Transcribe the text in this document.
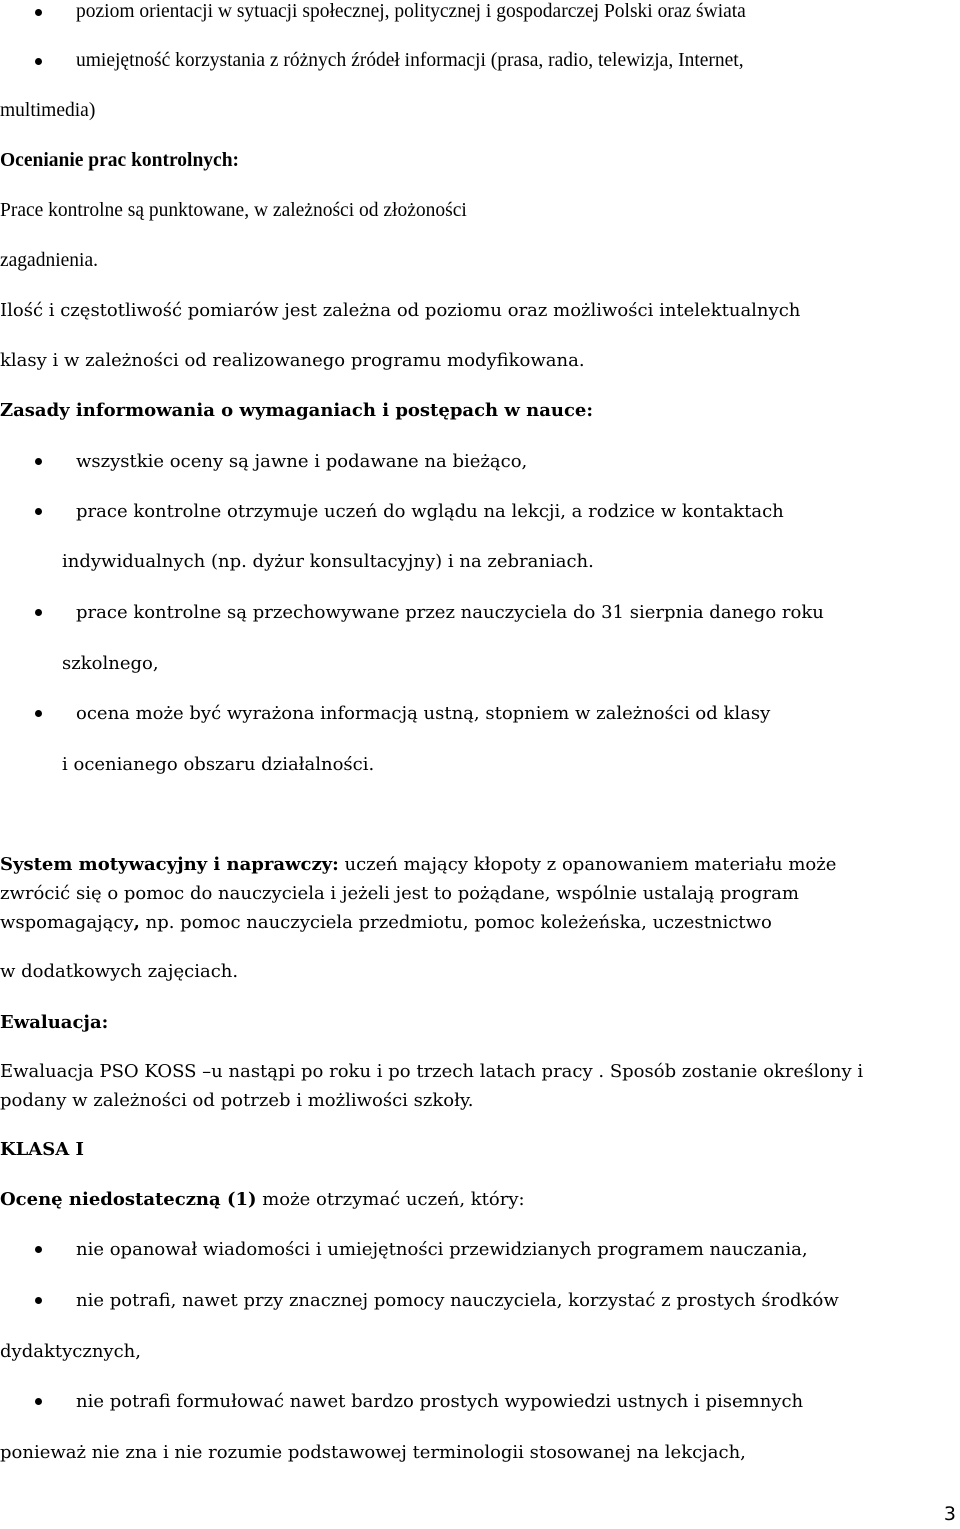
poziom orientacji w sytuacji społecznej, politycznej i gospodarczej Polski oraz świata
umiejętność korzystania z różnych źródeł informacji (prasa, radio, telewizja, Internet,
multimedia)
Ocenianie prac kontrolnych:
Prace kontrolne są punktowane, w zależności od złożoności
zagadnienia.
Ilość i częstotliwość pomiarów jest zależna od poziomu oraz możliwości intelektualnych
klasy i w zależności od realizowanego programu modyfikowana.
Zasady informowania o wymaganiach i postępach w nauce:
wszystkie oceny są jawne i podawane na bieżąco,
prace kontrolne otrzymuje uczeń do wglądu na lekcji, a rodzice w kontaktach
indywidualnych (np. dyżur konsultacyjny) i na zebraniach.
prace kontrolne są przechowywane przez nauczyciela do 31 sierpnia danego roku
szkolnego,
ocena może być wyrażona informacją ustną, stopniem w zależności od klasy
i ocenianego obszaru działalności.
System motywacyjny i naprawczy: uczeń mający kłopoty z opanowaniem materiału może
zwrócić się o pomoc do nauczyciela i jeżeli jest to pożądane, wspólnie ustalają program
wspomagający, np. pomoc nauczyciela przedmiotu, pomoc koleżeńska, uczestnictwo
w dodatkowych zajęciach.
Ewaluacja:
Ewaluacja PSO KOSS –u nastąpi po roku i po trzech latach pracy . Sposób zostanie określony i
podany w zależności od potrzeb i możliwości szkoły.
KLASA I
Ocenę niedostateczną (1) może otrzymać uczeń, który:
nie opanował wiadomości i umiejętności przewidzianych programem nauczania,
nie potrafi, nawet przy znacznej pomocy nauczyciela, korzystać z prostych środków
dydaktycznych,
nie potrafi formułować nawet bardzo prostych wypowiedzi ustnych i pisemnych
ponieważ nie zna i nie rozumie podstawowej terminologii stosowanej na lekcjach,
3
